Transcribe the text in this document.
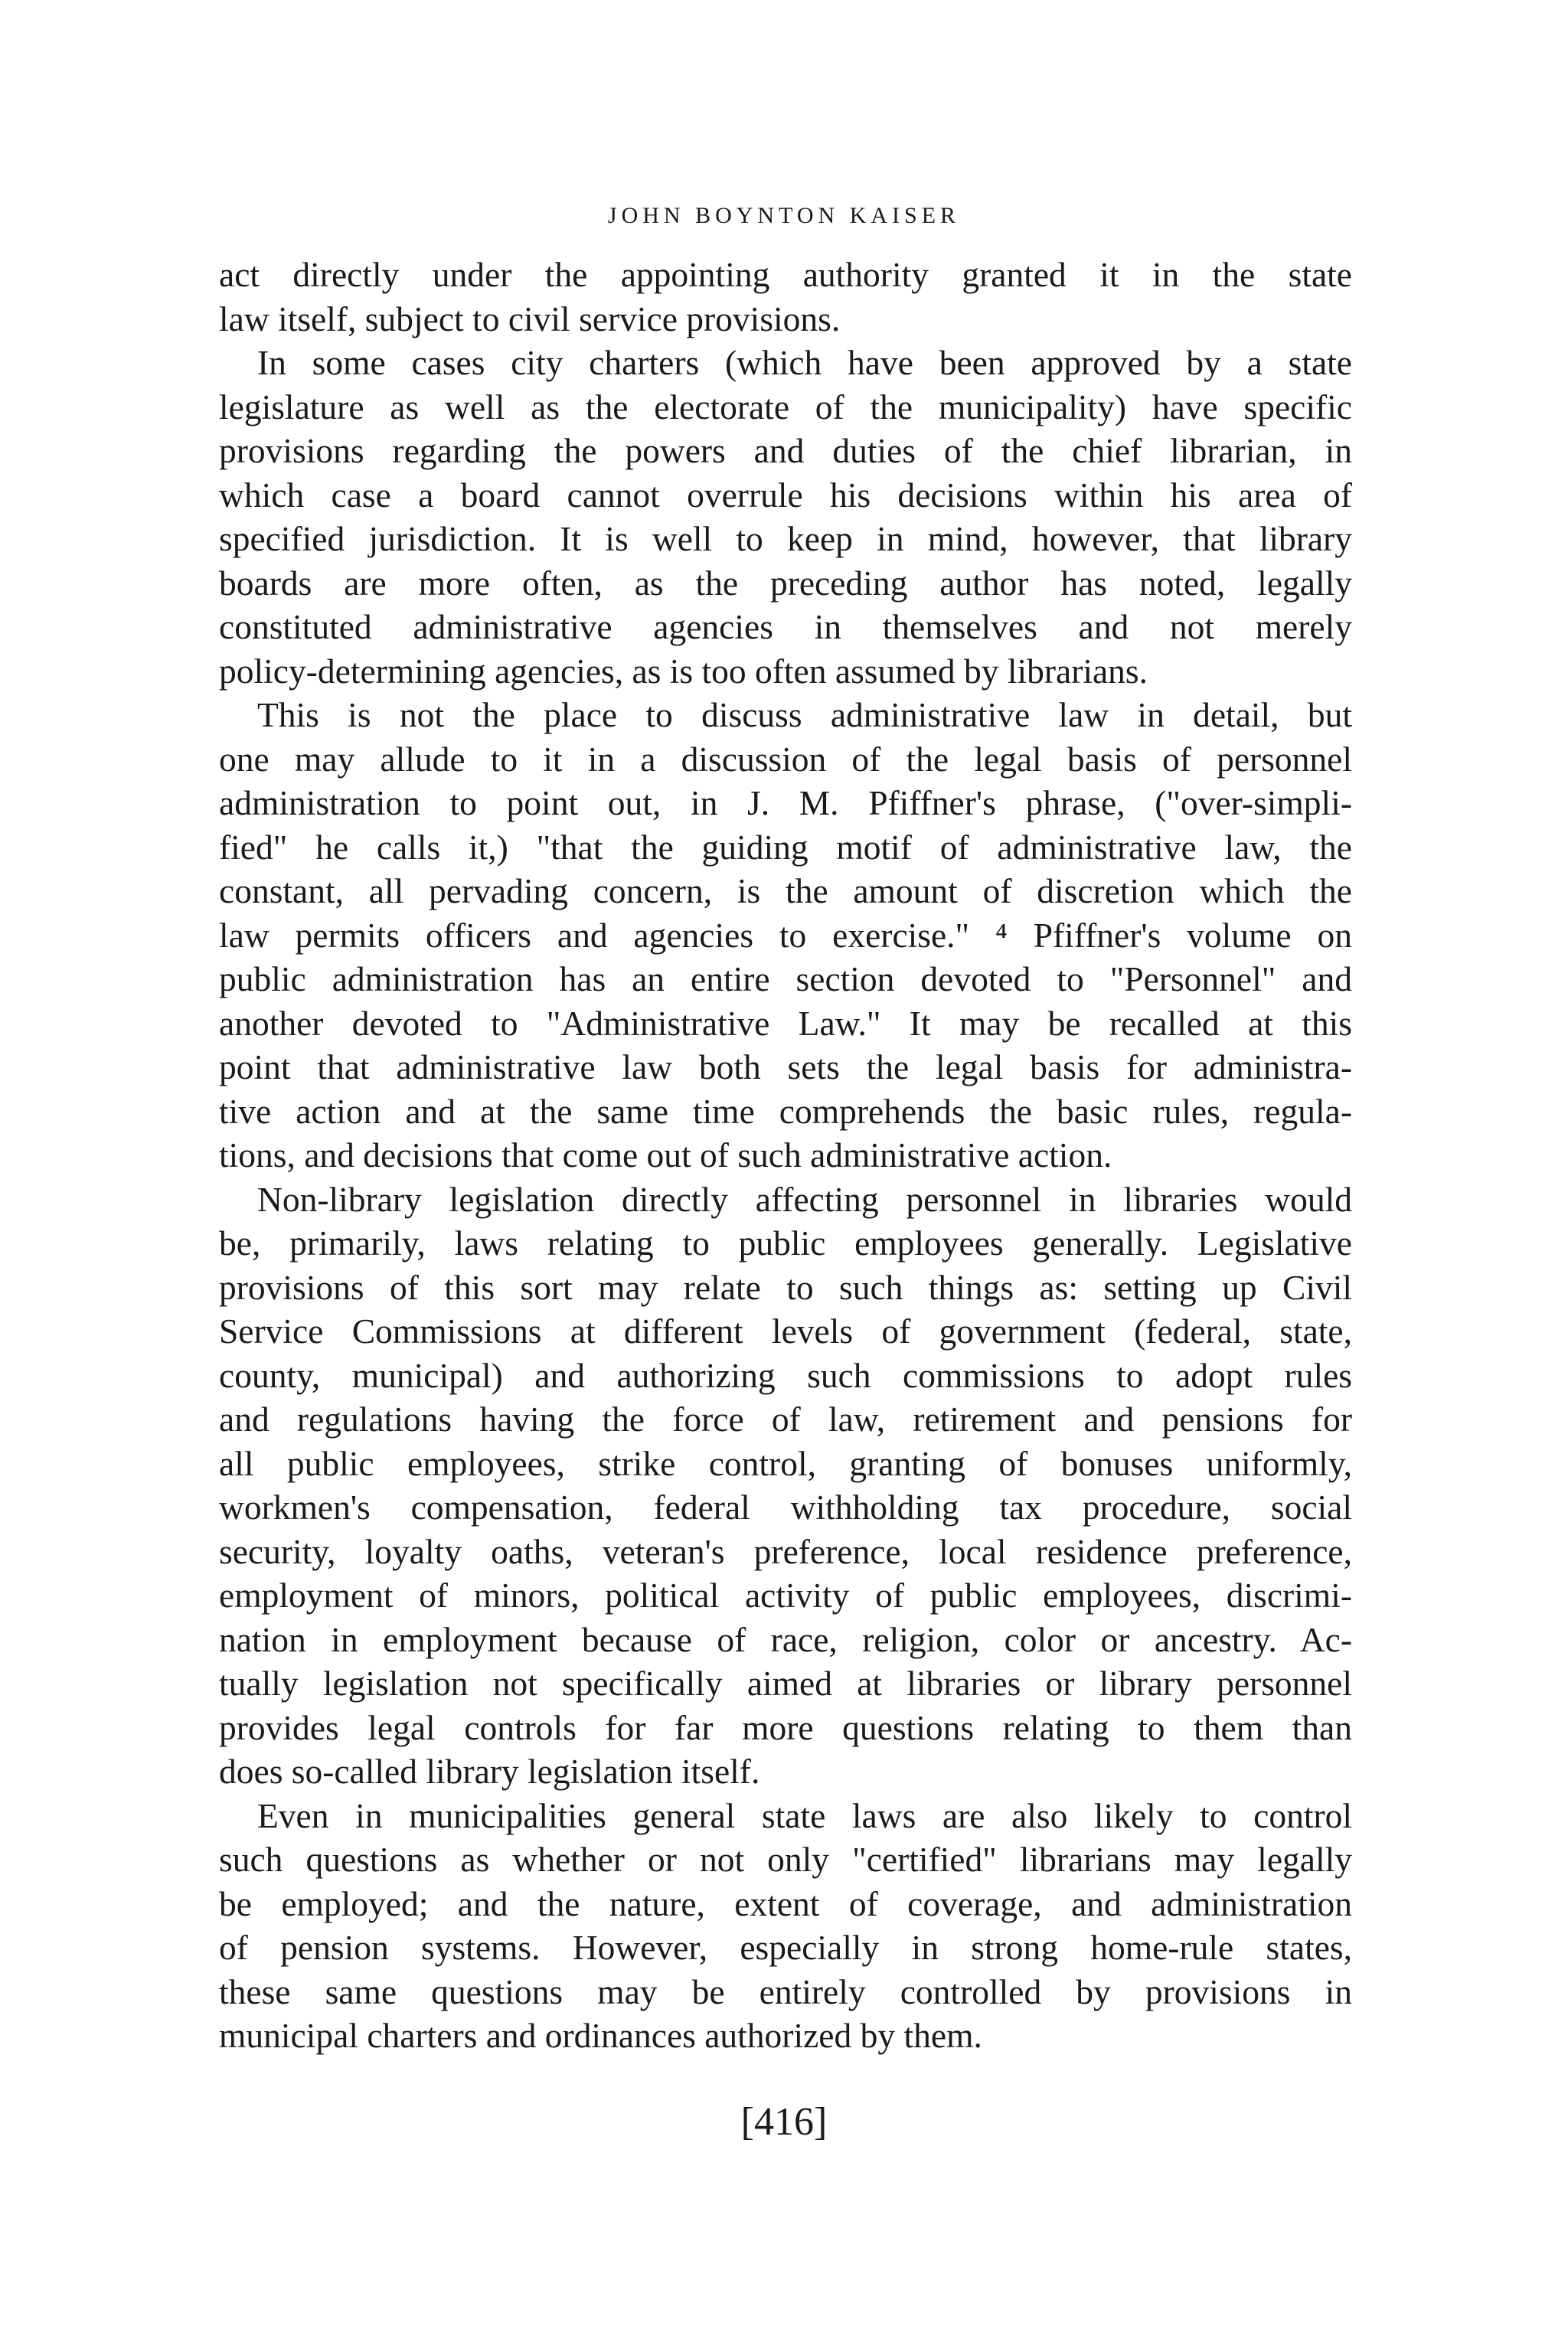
JOHN BOYNTON KAISER
act directly under the appointing authority granted it in the state
law itself, subject to civil service provisions.
In some cases city charters (which have been approved by a state
legislature as well as the electorate of the municipality) have specific
provisions regarding the powers and duties of the chief librarian, in
which case a board cannot overrule his decisions within his area of
specified jurisdiction. It is well to keep in mind, however, that library
boards are more often, as the preceding author has noted, legally
constituted administrative agencies in themselves and not merely
policy-determining agencies, as is too often assumed by librarians.
This is not the place to discuss administrative law in detail, but
one may allude to it in a discussion of the legal basis of personnel
administration to point out, in J. M. Pfiffner's phrase, ("over-simpli-
fied" he calls it,) "that the guiding motif of administrative law, the
constant, all pervading concern, is the amount of discretion which the
law permits officers and agencies to exercise." ⁴ Pfiffner's volume on
public administration has an entire section devoted to "Personnel" and
another devoted to "Administrative Law." It may be recalled at this
point that administrative law both sets the legal basis for administra-
tive action and at the same time comprehends the basic rules, regula-
tions, and decisions that come out of such administrative action.
Non-library legislation directly affecting personnel in libraries would
be, primarily, laws relating to public employees generally. Legislative
provisions of this sort may relate to such things as: setting up Civil
Service Commissions at different levels of government (federal, state,
county, municipal) and authorizing such commissions to adopt rules
and regulations having the force of law, retirement and pensions for
all public employees, strike control, granting of bonuses uniformly,
workmen's compensation, federal withholding tax procedure, social
security, loyalty oaths, veteran's preference, local residence preference,
employment of minors, political activity of public employees, discrimi-
nation in employment because of race, religion, color or ancestry. Ac-
tually legislation not specifically aimed at libraries or library personnel
provides legal controls for far more questions relating to them than
does so-called library legislation itself.
Even in municipalities general state laws are also likely to control
such questions as whether or not only "certified" librarians may legally
be employed; and the nature, extent of coverage, and administration
of pension systems. However, especially in strong home-rule states,
these same questions may be entirely controlled by provisions in
municipal charters and ordinances authorized by them.
[416]
